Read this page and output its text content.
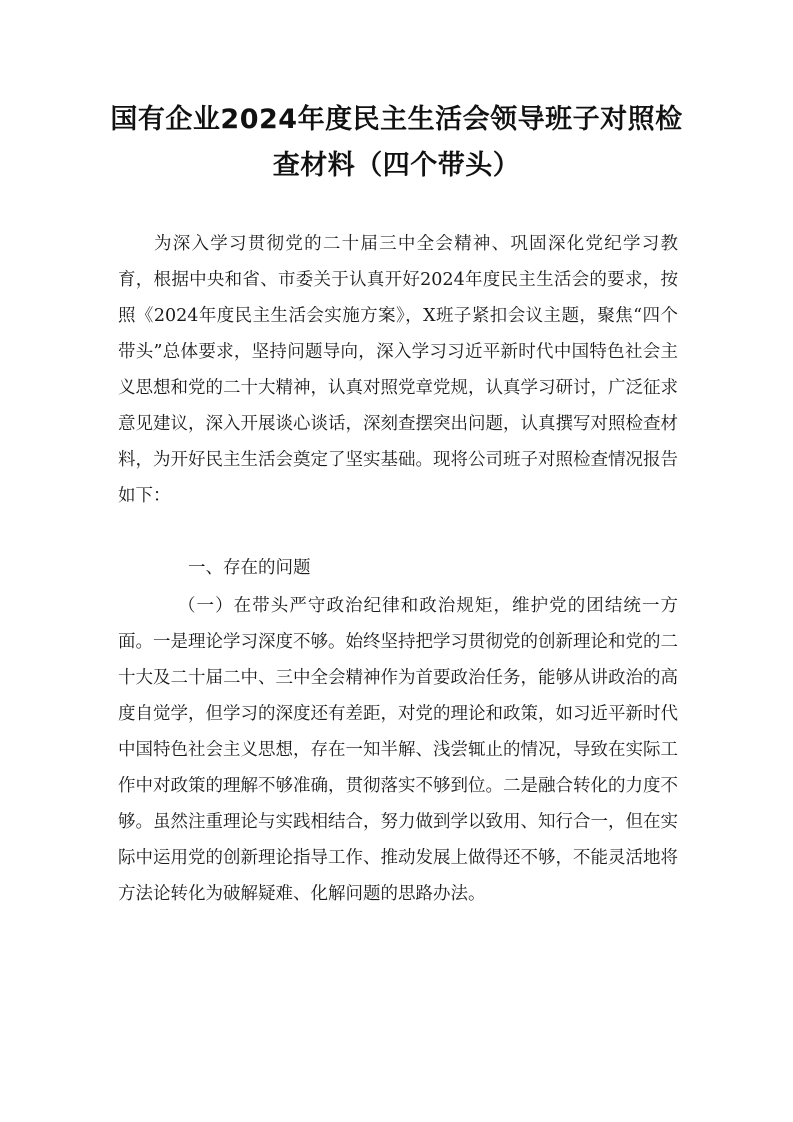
国有企业2024年度民主生活会领导班子对照检查材料（四个带头）

为深入学习贯彻党的二十届三中全会精神、巩固深化党纪学习教育，根据中央和省、市委关于认真开好2024年度民主生活会的要求，按照《2024年度民主生活会实施方案》，X班子紧扣会议主题，聚焦“四个带头”总体要求，坚持问题导向，深入学习习近平新时代中国特色社会主义思想和党的二十大精神，认真对照党章党规，认真学习研讨，广泛征求意见建议，深入开展谈心谈话，深刻查摆突出问题，认真撰写对照检查材料，为开好民主生活会奠定了坚实基础。现将公司班子对照检查情况报告如下：

一、存在的问题

（一）在带头严守政治纪律和政治规矩，维护党的团结统一方面。一是理论学习深度不够。始终坚持把学习贯彻党的创新理论和党的二十大及二十届二中、三中全会精神作为首要政治任务，能够从讲政治的高度自觉学，但学习的深度还有差距，对党的理论和政策，如习近平新时代中国特色社会主义思想，存在一知半解、浅尝辄止的情况，导致在实际工作中对政策的理解不够准确，贯彻落实不够到位。二是融合转化的力度不够。虽然注重理论与实践相结合，努力做到学以致用、知行合一，但在实际中运用党的创新理论指导工作、推动发展上做得还不够，不能灵活地将方法论转化为破解疑难、化解问题的思路办法。
